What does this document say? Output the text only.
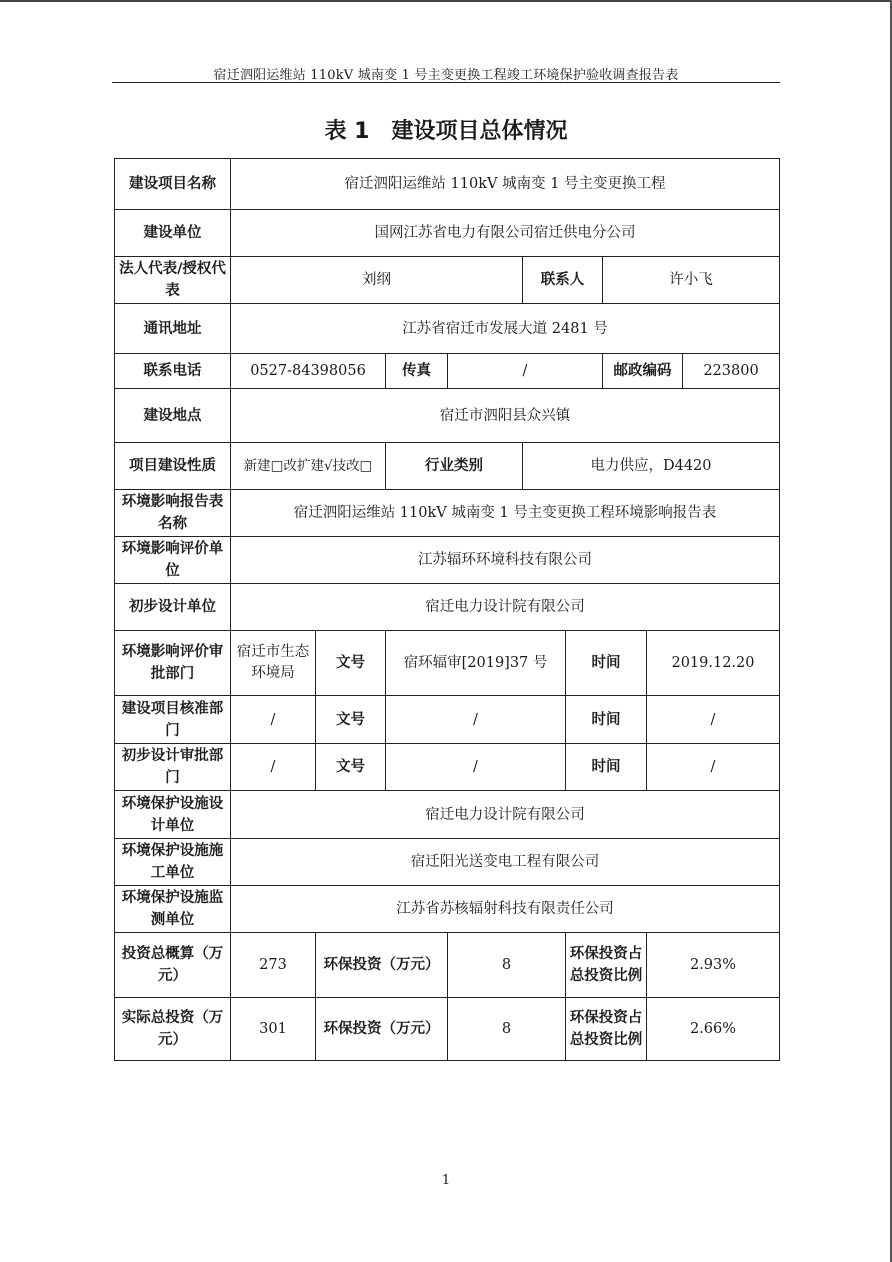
宿迁泗阳运维站 110kV 城南变 1 号主变更换工程竣工环境保护验收调查报告表
表 1 建设项目总体情况
建设项目名称	宿迁泗阳运维站 110kV 城南变 1 号主变更换工程								
建设单位	国网江苏省电力有限公司宿迁供电分公司								
法人代表/授权代表	刘纲				联系人		许小飞		
通讯地址	江苏省宿迁市发展大道 2481 号								
联系电话	0527-84398056		传真	/			邮政编码		223800
建设地点	宿迁市泗阳县众兴镇								
项目建设性质	新建□改扩建√技改□		行业类别		电力供应，D4420				
环境影响报告表名称	宿迁泗阳运维站 110kV 城南变 1 号主变更换工程环境影响报告表								
环境影响评价单位	江苏辐环环境科技有限公司								
初步设计单位	宿迁电力设计院有限公司								
环境影响评价审批部门	宿迁市生态环境局	文号	宿环辐审[2019]37 号			时间		2019.12.20	
建设项目核准部门	/	文号	/			时间		/	
初步设计审批部门	/	文号	/			时间		/	
环境保护设施设计单位	宿迁电力设计院有限公司								
环境保护设施施工单位	宿迁阳光送变电工程有限公司								
环境保护设施监测单位	江苏省苏核辐射科技有限责任公司								
投资总概算（万元）	273	环保投资（万元）		8		环保投资占总投资比例		2.93%	
实际总投资（万元）	301	环保投资（万元）		8		环保投资占总投资比例		2.66%	
1
